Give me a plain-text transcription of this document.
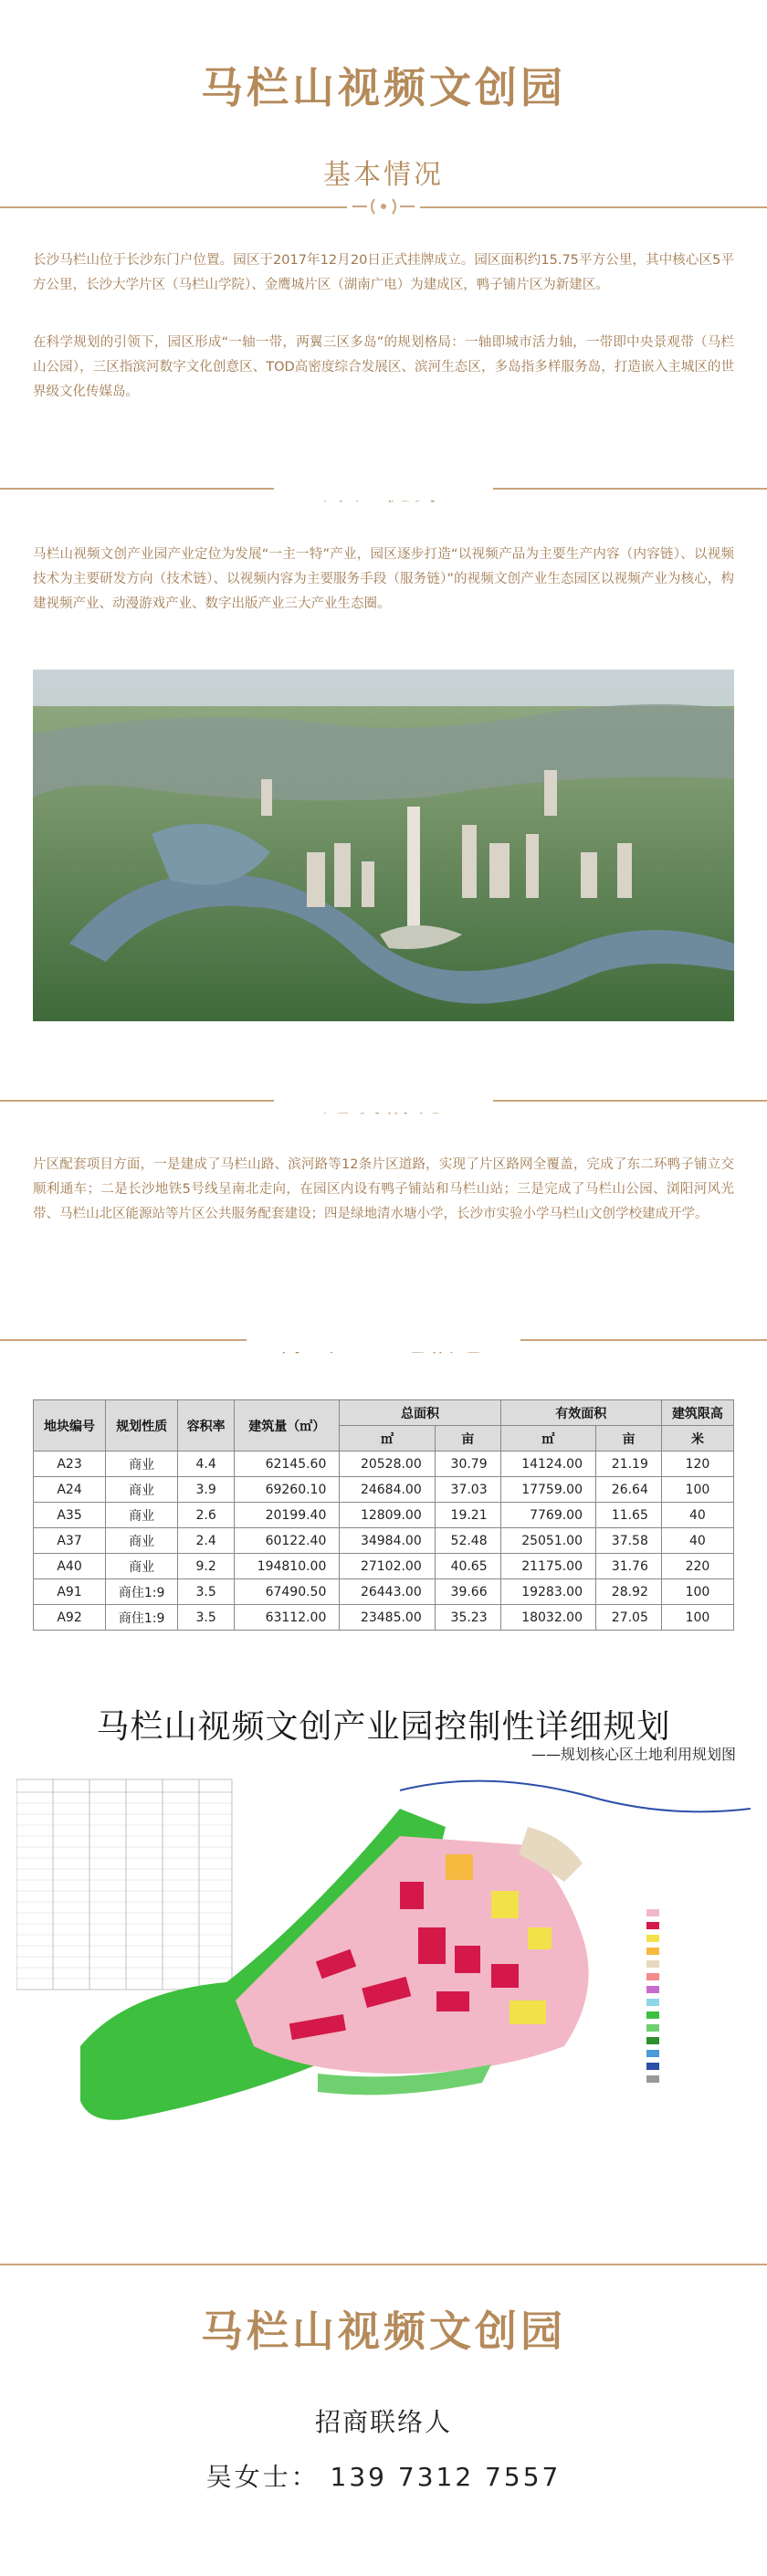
马栏山视频文创园
基本情况
长沙马栏山位于长沙东门户位置。园区于2017年12月20日正式挂牌成立。园区面积约15.75平方公里，其中核心区5平方公里，长沙大学片区（马栏山学院）、金鹰城片区（湖南广电）为建成区，鸭子铺片区为新建区。
在科学规划的引领下，园区形成“一轴一带，两翼三区多岛”的规划格局：一轴即城市活力轴，一带即中央景观带（马栏山公园），三区指滨河数字文化创意区、TOD高密度综合发展区、滨河生态区，多岛指多样服务岛，打造嵌入主城区的世界级文化传媒岛。
马栏山视频文创产业园产业定位为发展“一主一特”产业，园区逐步打造“以视频产品为主要生产内容（内容链）、以视频技术为主要研发方向（技术链）、以视频内容为主要服务手段（服务链）”的视频文创产业生态园区以视频产业为核心，构建视频产业、动漫游戏产业、数字出版产业三大产业生态圈。
片区配套项目方面，一是建成了马栏山路、滨河路等12条片区道路，实现了片区路网全覆盖，完成了东二环鸭子铺立交顺利通车；二是长沙地铁5号线呈南北走向，在园区内设有鸭子铺站和马栏山站；三是完成了马栏山公园、浏阳河风光带、马栏山北区能源站等片区公共服务配套建设；四是绿地清水塘小学，长沙市实验小学马栏山文创学校建成开学。
地块编号	规划性质	容积率	建筑量（㎡）	总面积		有效面积		建筑限高
				㎡	亩	㎡	亩	米
A23	商业	4.4	62145.60	20528.00	30.79	14124.00	21.19	120
A24	商业	3.9	69260.10	24684.00	37.03	17759.00	26.64	100
A35	商业	2.6	20199.40	12809.00	19.21	7769.00	11.65	40
A37	商业	2.4	60122.40	34984.00	52.48	25051.00	37.58	40
A40	商业	9.2	194810.00	27102.00	40.65	21175.00	31.76	220
A91	商住1:9	3.5	67490.50	26443.00	39.66	19283.00	28.92	100
A92	商住1:9	3.5	63112.00	23485.00	35.23	18032.00	27.05	100
马栏山视频文创产业园控制性详细规划
——规划核心区土地利用规划图
马栏山视频文创园
招商联络人
吴女士： 139 7312 7557
